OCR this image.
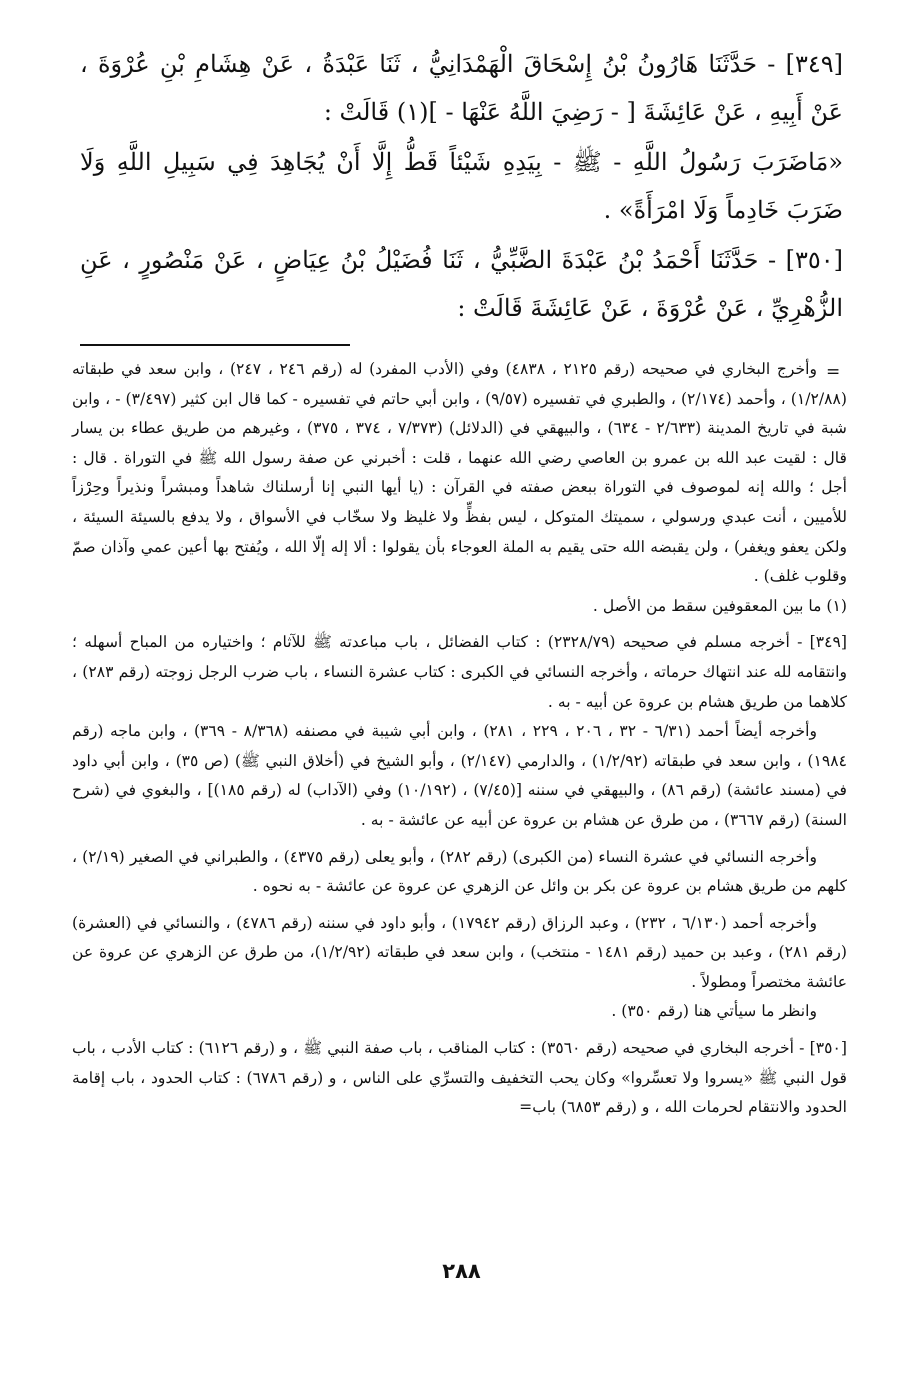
[٣٤٩] - حَدَّثَنَا هَارُونُ بْنُ إِسْحَاقَ الْهَمْدَانِيُّ ، ثَنَا عَبْدَةُ ، عَنْ هِشَامِ بْنِ عُرْوَةَ ، عَنْ أَبِيهِ ، عَنْ عَائِشَةَ [ - رَضِيَ اللَّهُ عَنْهَا - ](١) قَالَتْ :

«مَاضَرَبَ رَسُولُ اللَّهِ - ﷺ - بِيَدِهِ شَيْئاً قَطُّ إِلَّا أَنْ يُجَاهِدَ فِي سَبِيلِ اللَّهِ وَلَا ضَرَبَ خَادِماً وَلَا امْرَأَةً» .

[٣٥٠] - حَدَّثَنَا أَحْمَدُ بْنُ عَبْدَةَ الضَّبِّيُّ ، ثَنَا فُضَيْلُ بْنُ عِيَاضٍ ، عَنْ مَنْصُورٍ ، عَنِ الزُّهْرِيِّ ، عَنْ عُرْوَةَ ، عَنْ عَائِشَةَ قَالَتْ :

=

وأخرج البخاري في صحيحه (رقم ٢١٢٥ ، ٤٨٣٨) وفي (الأدب المفرد) له (رقم ٢٤٦ ، ٢٤٧) ، وابن سعد في طبقاته (١/٢/٨٨) ، وأحمد (٢/١٧٤) ، والطبري في تفسيره (٩/٥٧) ، وابن أبي حاتم في تفسيره - كما قال ابن كثير (٣/٤٩٧) - ، وابن شبة في تاريخ المدينة (٢/٦٣٣ - ٦٣٤) ، والبيهقي في (الدلائل) (٧/٣٧٣ ، ٣٧٤ ، ٣٧٥) ، وغيرهم من طريق عطاء بن يسار قال : لقيت عبد الله بن عمرو بن العاصي رضي الله عنهما ، قلت : أخبرني عن صفة رسول الله ﷺ في التوراة . قال : أجل ؛ والله إنه لموصوف في التوراة ببعض صفته في القرآن : (يا أيها النبي إنا أرسلناك شاهداً ومبشراً ونذيراً وحِرْزاً للأميين ، أنت عبدي ورسولي ، سميتك المتوكل ، ليس بفظٍّ ولا غليظ ولا سخّاب في الأسواق ، ولا يدفع بالسيئة السيئة ، ولكن يعفو ويغفر) ، ولن يقبضه الله حتى يقيم به الملة العوجاء بأن يقولوا : ألا إله إلّا الله ، ويُفتح بها أعين عمي وآذان صمّ وقلوب غلف) .

(١) ما بين المعقوفين سقط من الأصل .

[٣٤٩] - أخرجه مسلم في صحيحه (٢٣٢٨/٧٩) : كتاب الفضائل ، باب مباعدته ﷺ للآثام ؛ واختياره من المباح أسهله ؛ وانتقامه لله عند انتهاك حرماته ، وأخرجه النسائي في الكبرى : كتاب عشرة النساء ، باب ضرب الرجل زوجته (رقم ٢٨٣) ، كلاهما من طريق هشام بن عروة عن أبيه - به .

وأخرجه أيضاً أحمد (٦/٣١ - ٣٢ ، ٢٠٦ ، ٢٢٩ ، ٢٨١) ، وابن أبي شيبة في مصنفه (٨/٣٦٨ - ٣٦٩) ، وابن ماجه (رقم ١٩٨٤) ، وابن سعد في طبقاته (١/٢/٩٢) ، والدارمي (٢/١٤٧) ، وأبو الشيخ في (أخلاق النبي ﷺ) (ص ٣٥) ، وابن أبي داود في (مسند عائشة) (رقم ٨٦) ، والبيهقي في سننه [(٧/٤٥) ، (١٠/١٩٢) وفي (الآداب) له (رقم ١٨٥)] ، والبغوي في (شرح السنة) (رقم ٣٦٦٧) ، من طرق عن هشام بن عروة عن أبيه عن عائشة - به .

وأخرجه النسائي في عشرة النساء (من الكبرى) (رقم ٢٨٢) ، وأبو يعلى (رقم ٤٣٧٥) ، والطبراني في الصغير (٢/١٩) ، كلهم من طريق هشام بن عروة عن بكر بن وائل عن الزهري عن عروة عن عائشة - به نحوه .

وأخرجه أحمد (٦/١٣٠ ، ٢٣٢) ، وعبد الرزاق (رقم ١٧٩٤٢) ، وأبو داود في سننه (رقم ٤٧٨٦) ، والنسائي في (العشرة) (رقم ٢٨١) ، وعبد بن حميد (رقم ١٤٨١ - منتخب) ، وابن سعد في طبقاته (١/٢/٩٢)، من طرق عن الزهري عن عروة عن عائشة مختصراً ومطولاً .

وانظر ما سيأتي هنا (رقم ٣٥٠) .

[٣٥٠] - أخرجه البخاري في صحيحه (رقم ٣٥٦٠) : كتاب المناقب ، باب صفة النبي ﷺ ، و (رقم ٦١٢٦) : كتاب الأدب ، باب قول النبي ﷺ «يسروا ولا تعسِّروا» وكان يحب التخفيف والتسرِّي على الناس ، و (رقم ٦٧٨٦) : كتاب الحدود ، باب إقامة الحدود والانتقام لحرمات الله ، و (رقم ٦٨٥٣) باب=

٢٨٨
